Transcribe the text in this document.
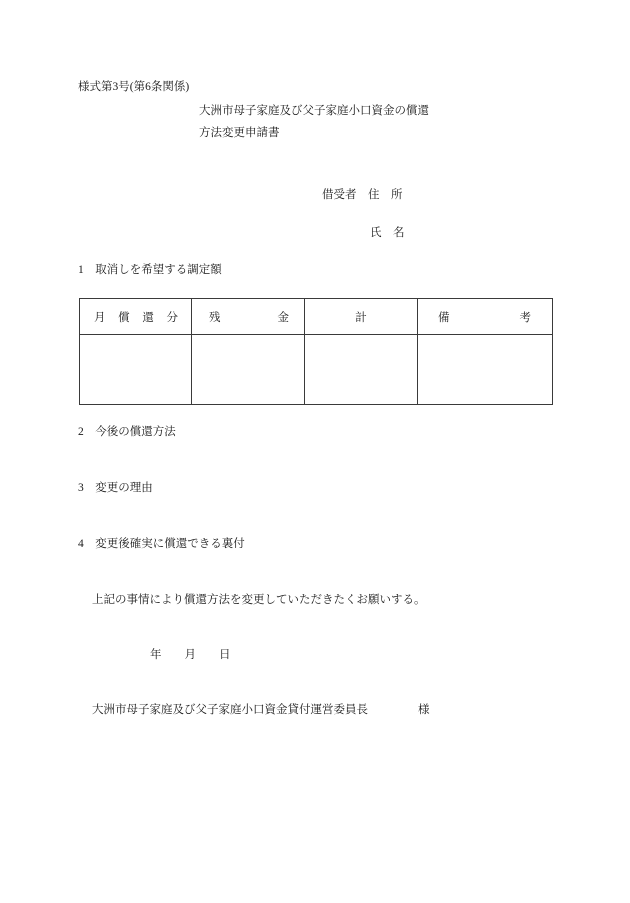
様式第3号(第6条関係)
大洲市母子家庭及び父子家庭小口資金の償還
方法変更申請書
借受者　住　所
氏　名
1　取消しを希望する調定額
月 償 還 分	残 金	計	備 考

2　今後の償還方法
3　変更の理由
4　変更後確実に償還できる裏付
上記の事情により償還方法を変更していただきたくお願いする。
年　　月　　日
大洲市母子家庭及び父子家庭小口資金貸付運営委員長	様
